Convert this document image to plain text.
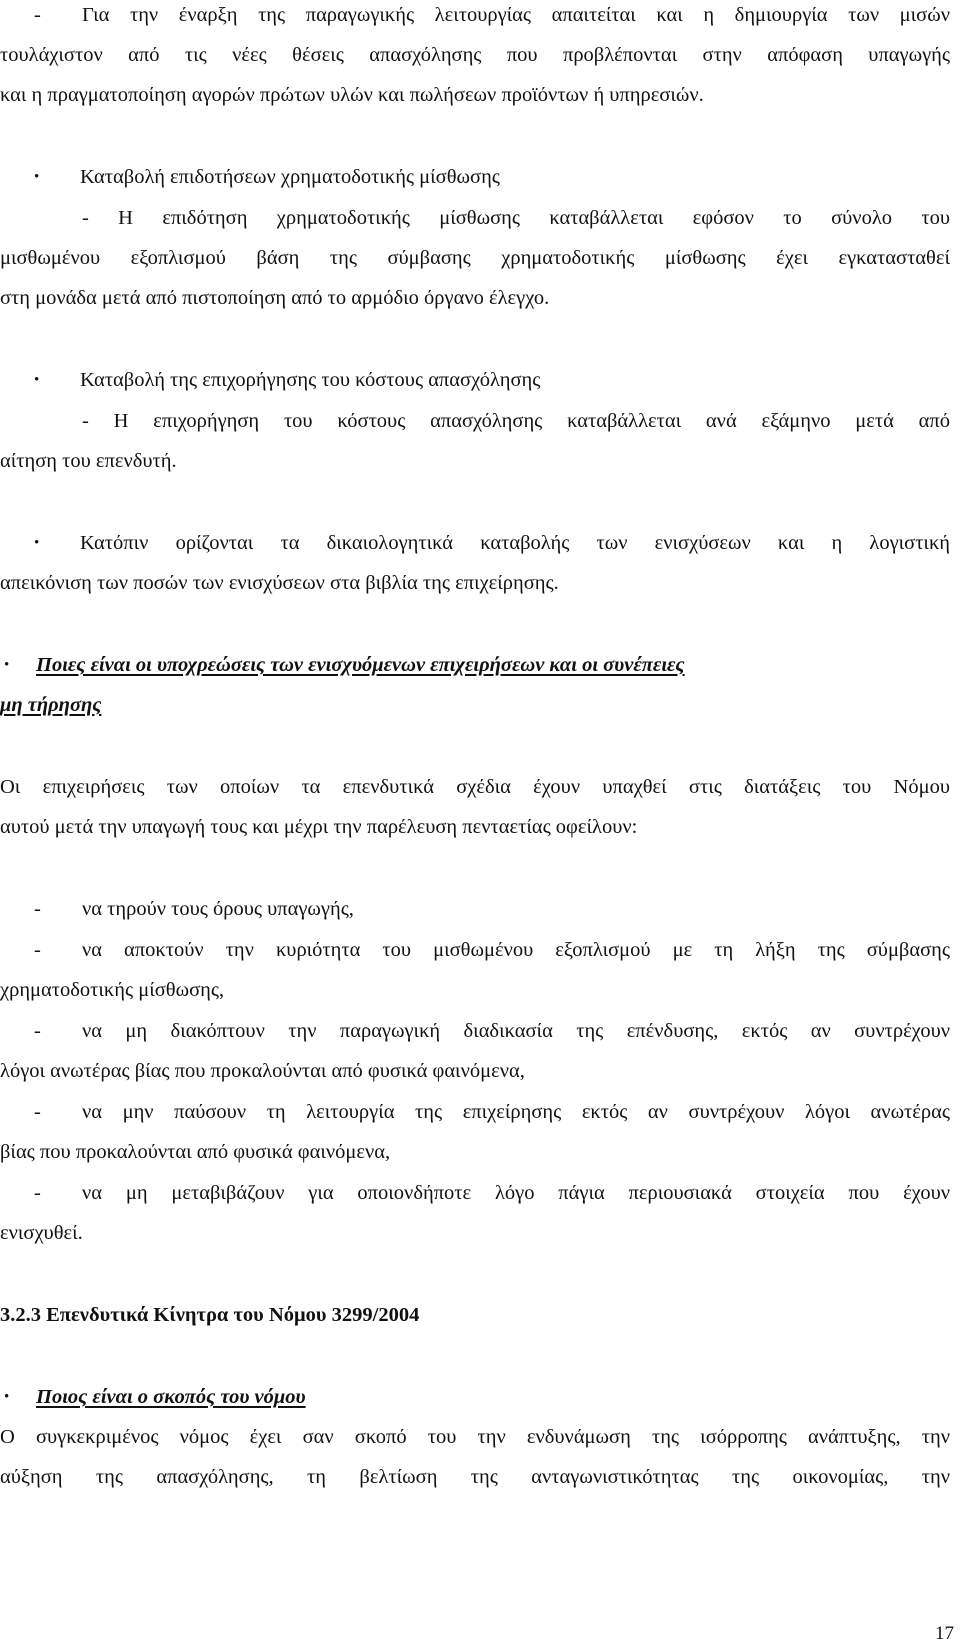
- Για την έναρξη της παραγωγικής λειτουργίας απαιτείται και η δημιουργία των μισών
τουλάχιστον από τις νέες θέσεις απασχόλησης που προβλέπονται στην απόφαση υπαγωγής
και η πραγματοποίηση αγορών πρώτων υλών και πωλήσεων προϊόντων ή υπηρεσιών.
• Καταβολή επιδοτήσεων χρηματοδοτικής μίσθωσης
- Η επιδότηση χρηματοδοτικής μίσθωσης καταβάλλεται εφόσον το σύνολο του
μισθωμένου εξοπλισμού βάση της σύμβασης χρηματοδοτικής μίσθωσης έχει εγκατασταθεί
στη μονάδα μετά από πιστοποίηση από το αρμόδιο όργανο έλεγχο.
• Καταβολή της επιχορήγησης του κόστους απασχόλησης
- Η επιχορήγηση του κόστους απασχόλησης καταβάλλεται ανά εξάμηνο μετά από
αίτηση του επενδυτή.
• Κατόπιν ορίζονται τα δικαιολογητικά καταβολής των ενισχύσεων και η λογιστική
απεικόνιση των ποσών των ενισχύσεων στα βιβλία της επιχείρησης.
• Ποιες είναι οι υποχρεώσεις των ενισχυόμενων επιχειρήσεων και οι συνέπειες
μη τήρησης
Οι επιχειρήσεις των οποίων τα επενδυτικά σχέδια έχουν υπαχθεί στις διατάξεις του Νόμου
αυτού μετά την υπαγωγή τους και μέχρι την παρέλευση πενταετίας οφείλουν:
- να τηρούν τους όρους υπαγωγής,
- να αποκτούν την κυριότητα του μισθωμένου εξοπλισμού με τη λήξη της σύμβασης
χρηματοδοτικής μίσθωσης,
- να μη διακόπτουν την παραγωγική διαδικασία της επένδυσης, εκτός αν συντρέχουν
λόγοι ανωτέρας βίας που προκαλούνται από φυσικά φαινόμενα,
- να μην παύσουν τη λειτουργία της επιχείρησης εκτός αν συντρέχουν λόγοι ανωτέρας
βίας που προκαλούνται από φυσικά φαινόμενα,
- να μη μεταβιβάζουν για οποιονδήποτε λόγο πάγια περιουσιακά στοιχεία που έχουν
ενισχυθεί.
3.2.3 Επενδυτικά Κίνητρα του Νόμου 3299/2004
• Ποιος είναι ο σκοπός του νόμου
Ο συγκεκριμένος νόμος έχει σαν σκοπό του την ενδυνάμωση της ισόρροπης ανάπτυξης, την
αύξηση της απασχόλησης, τη βελτίωση της ανταγωνιστικότητας της οικονομίας, την
17
